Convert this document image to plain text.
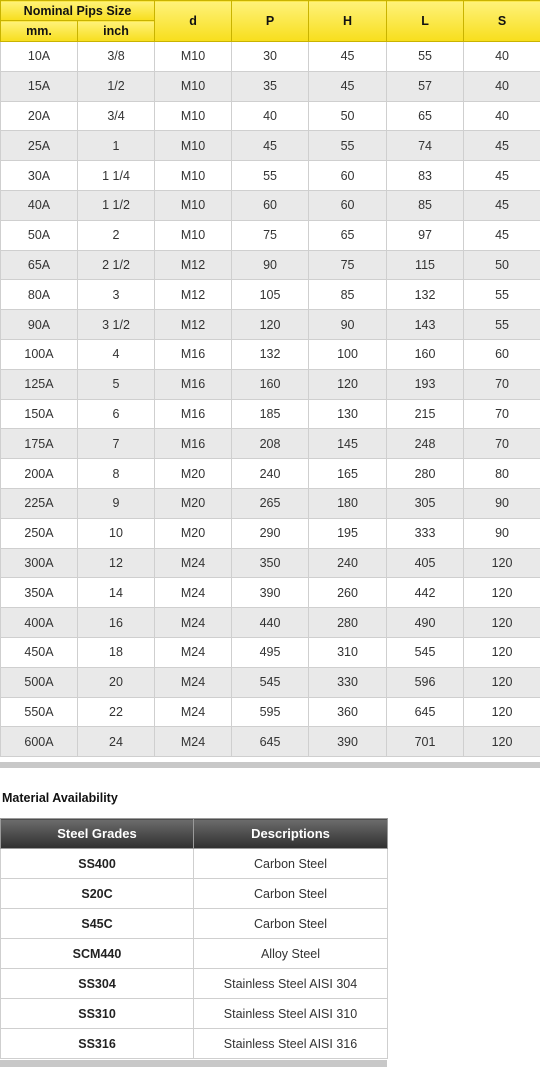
Nominal Pips Size		d	P	H	L	S
mm.	inch					
10A	3/8	M10	30	45	55	40
15A	1/2	M10	35	45	57	40
20A	3/4	M10	40	50	65	40
25A	1	M10	45	55	74	45
30A	1 1/4	M10	55	60	83	45
40A	1 1/2	M10	60	60	85	45
50A	2	M10	75	65	97	45
65A	2 1/2	M12	90	75	115	50
80A	3	M12	105	85	132	55
90A	3 1/2	M12	120	90	143	55
100A	4	M16	132	100	160	60
125A	5	M16	160	120	193	70
150A	6	M16	185	130	215	70
175A	7	M16	208	145	248	70
200A	8	M20	240	165	280	80
225A	9	M20	265	180	305	90
250A	10	M20	290	195	333	90
300A	12	M24	350	240	405	120
350A	14	M24	390	260	442	120
400A	16	M24	440	280	490	120
450A	18	M24	495	310	545	120
500A	20	M24	545	330	596	120
550A	22	M24	595	360	645	120
600A	24	M24	645	390	701	120
Material Availability
Steel Grades	Descriptions
SS400	Carbon Steel
S20C	Carbon Steel
S45C	Carbon Steel
SCM440	Alloy Steel
SS304	Stainless Steel AISI 304
SS310	Stainless Steel AISI 310
SS316	Stainless Steel AISI 316
